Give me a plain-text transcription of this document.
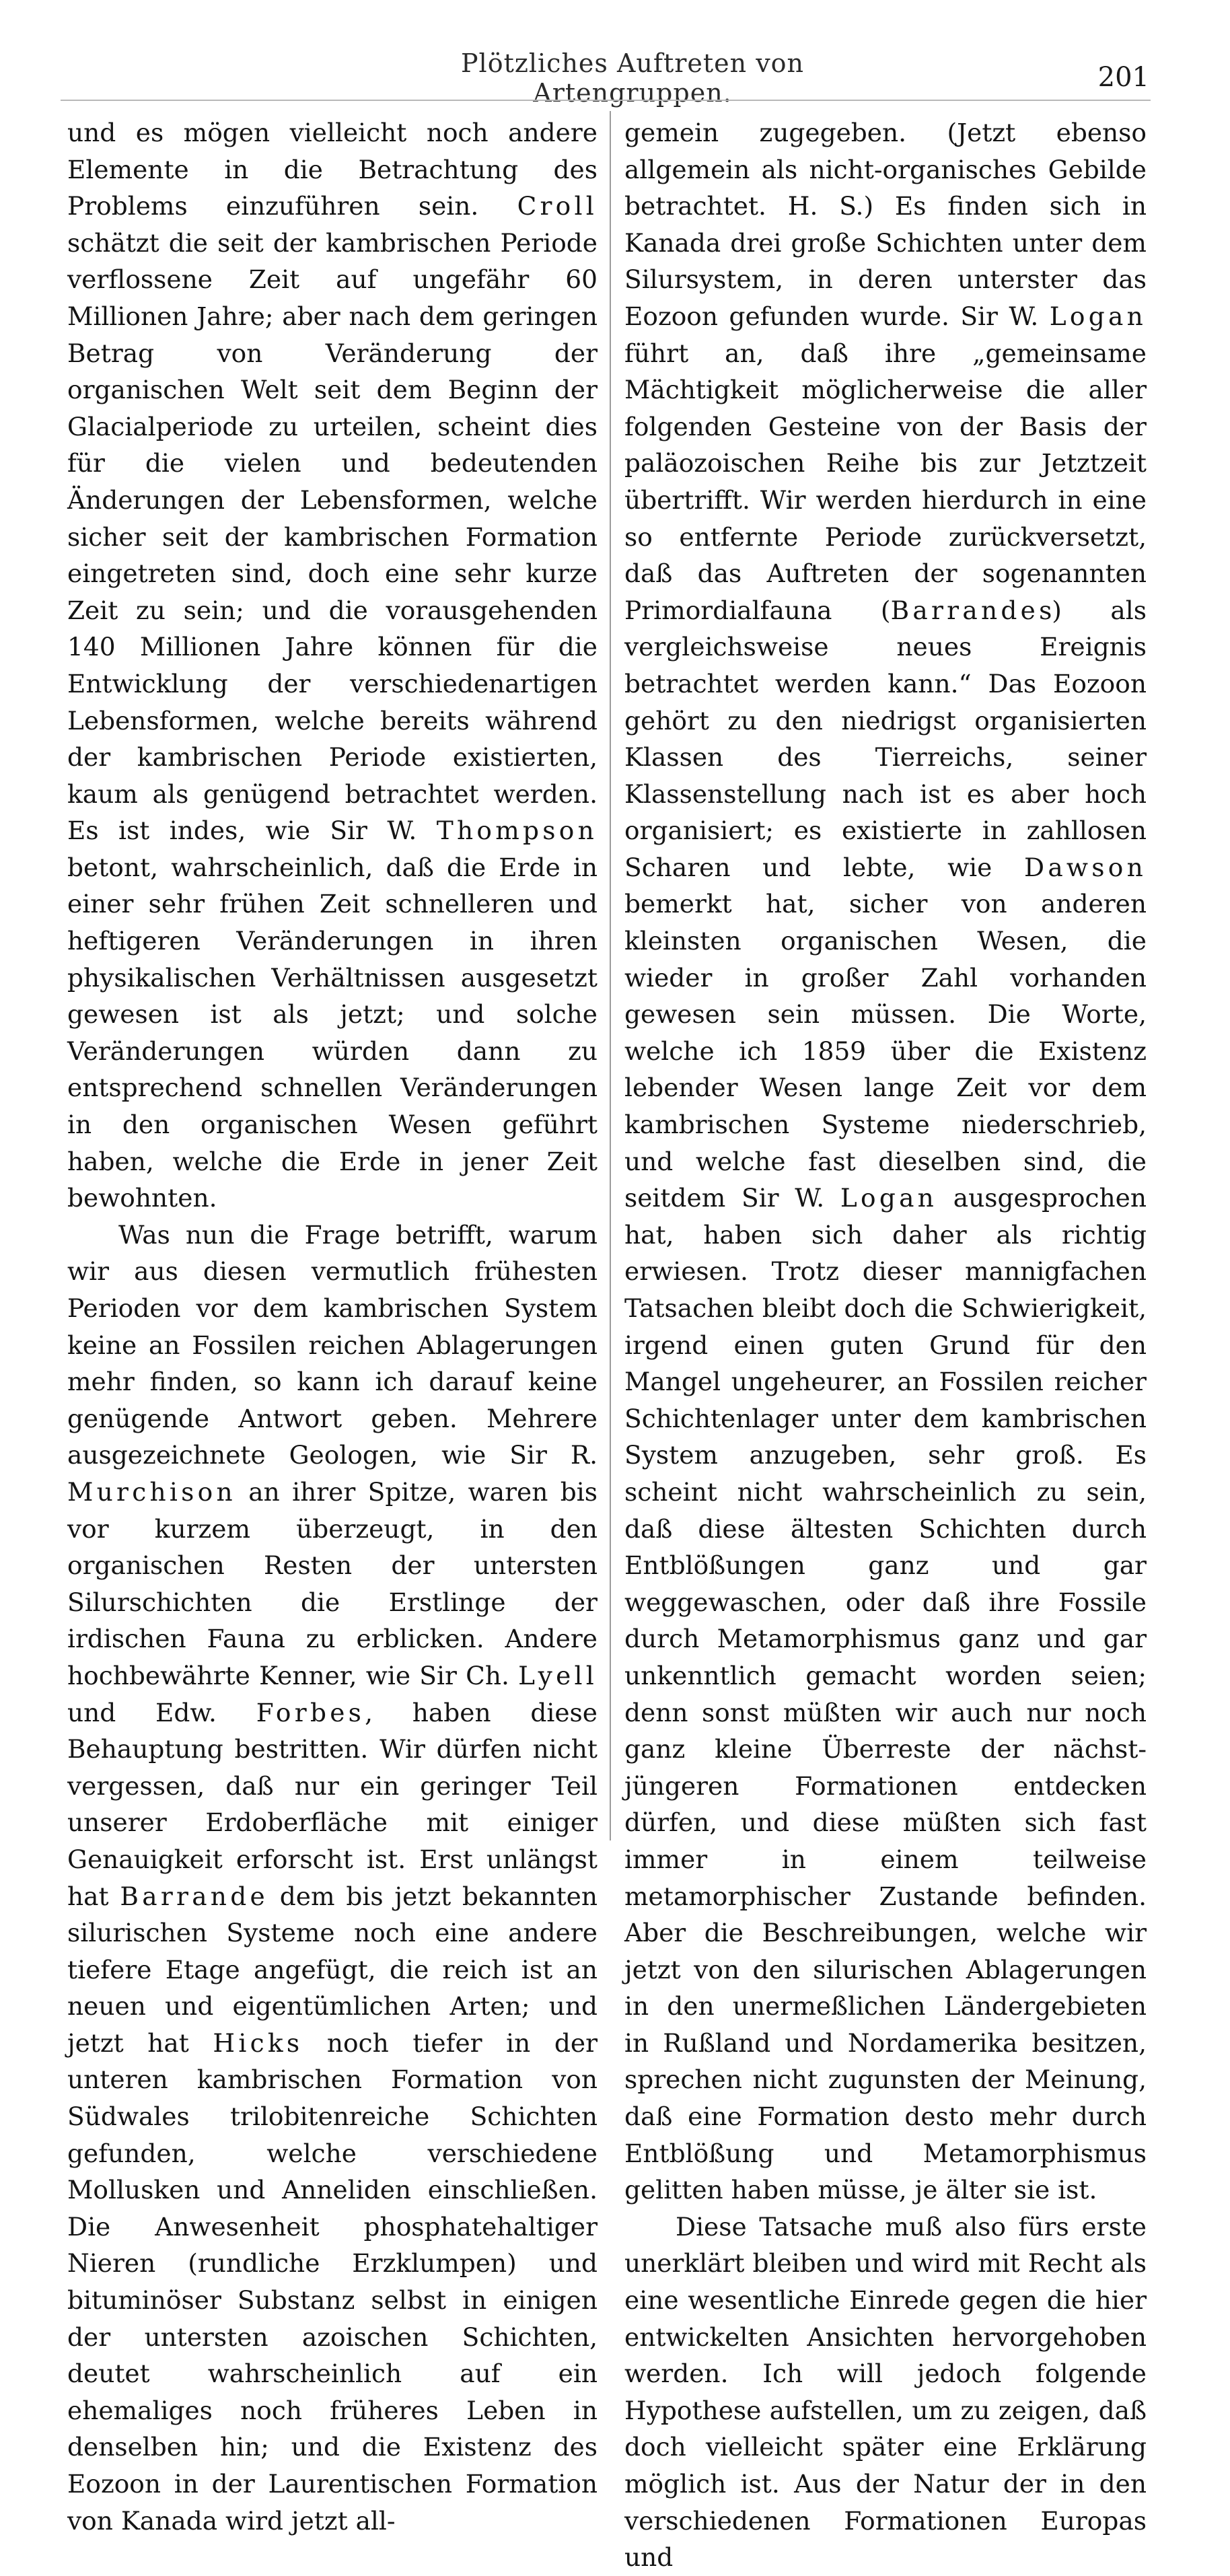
Plötzliches Auftreten von Artengruppen.	201

und es mögen vielleicht noch andere Elemente in die Betrachtung des Problems einzuführen sein. Croll schätzt die seit der kambrischen Periode verflossene Zeit auf ungefähr 60 Millionen Jahre; aber nach dem geringen Betrag von Veränderung der organischen Welt seit dem Beginn der Glacialperiode zu urteilen, scheint dies für die vielen und bedeutenden Änderungen der Lebensformen, welche sicher seit der kambrischen Formation eingetreten sind, doch eine sehr kurze Zeit zu sein; und die vorausgehenden 140 Millionen Jahre können für die Entwicklung der verschiedenartigen Lebensformen, welche bereits während der kambrischen Periode existierten, kaum als genügend betrachtet werden. Es ist indes, wie Sir W. Thompson betont, wahrscheinlich, daß die Erde in einer sehr frühen Zeit schnelleren und heftigeren Veränderungen in ihren physikalischen Verhältnissen ausgesetzt gewesen ist als jetzt; und solche Veränderungen würden dann zu entsprechend schnellen Veränderungen in den organischen Wesen geführt haben, welche die Erde in jener Zeit bewohnten.

Was nun die Frage betrifft, warum wir aus diesen vermutlich frühesten Perioden vor dem kambrischen System keine an Fossilen reichen Ablagerungen mehr finden, so kann ich darauf keine genügende Antwort geben. Mehrere ausgezeichnete Geologen, wie Sir R. Murchison an ihrer Spitze, waren bis vor kurzem überzeugt, in den organischen Resten der untersten Silurschichten die Erstlinge der irdischen Fauna zu erblicken. Andere hochbewährte Kenner, wie Sir Ch. Lyell und Edw. Forbes, haben diese Behauptung bestritten. Wir dürfen nicht vergessen, daß nur ein geringer Teil unserer Erdoberfläche mit einiger Genauigkeit erforscht ist. Erst unlängst hat Barrande dem bis jetzt bekannten silurischen Systeme noch eine andere tiefere Etage angefügt, die reich ist an neuen und eigentümlichen Arten; und jetzt hat Hicks noch tiefer in der unteren kambrischen Formation von Südwales trilobitenreiche Schichten gefunden, welche verschiedene Mollusken und Anneliden einschließen. Die Anwesenheit phosphatehaltiger Nieren (rundliche Erzklumpen) und bituminöser Substanz selbst in einigen der untersten azoischen Schichten, deutet wahrscheinlich auf ein ehemaliges noch früheres Leben in denselben hin; und die Existenz des Eozoon in der Laurentischen Formation von Kanada wird jetzt all-

gemein zugegeben. (Jetzt ebenso allgemein als nicht-organisches Gebilde betrachtet. H. S.) Es finden sich in Kanada drei große Schichten unter dem Silursystem, in deren unterster das Eozoon gefunden wurde. Sir W. Logan führt an, daß ihre „gemeinsame Mächtigkeit möglicherweise die aller folgenden Gesteine von der Basis der paläozoischen Reihe bis zur Jetztzeit übertrifft. Wir werden hierdurch in eine so entfernte Periode zurückversetzt, daß das Auftreten der sogenannten Primordialfauna (Barrandes) als vergleichsweise neues Ereignis betrachtet werden kann.“ Das Eozoon gehört zu den niedrigst organisierten Klassen des Tierreichs, seiner Klassenstellung nach ist es aber hoch organisiert; es existierte in zahllosen Scharen und lebte, wie Dawson bemerkt hat, sicher von anderen kleinsten organischen Wesen, die wieder in großer Zahl vorhanden gewesen sein müssen. Die Worte, welche ich 1859 über die Existenz lebender Wesen lange Zeit vor dem kambrischen Systeme niederschrieb, und welche fast dieselben sind, die seitdem Sir W. Logan ausgesprochen hat, haben sich daher als richtig erwiesen. Trotz dieser mannigfachen Tatsachen bleibt doch die Schwierigkeit, irgend einen guten Grund für den Mangel ungeheurer, an Fossilen reicher Schichtenlager unter dem kambrischen System anzugeben, sehr groß. Es scheint nicht wahrscheinlich zu sein, daß diese ältesten Schichten durch Entblößungen ganz und gar weggewaschen, oder daß ihre Fossile durch Metamorphismus ganz und gar unkenntlich gemacht worden seien; denn sonst müßten wir auch nur noch ganz kleine Überreste der nächst-jüngeren Formationen entdecken dürfen, und diese müßten sich fast immer in einem teilweise metamorphischer Zustande befinden. Aber die Beschreibungen, welche wir jetzt von den silurischen Ablagerungen in den unermeßlichen Ländergebieten in Rußland und Nordamerika besitzen, sprechen nicht zugunsten der Meinung, daß eine Formation desto mehr durch Entblößung und Metamorphismus gelitten haben müsse, je älter sie ist.

Diese Tatsache muß also fürs erste unerklärt bleiben und wird mit Recht als eine wesentliche Einrede gegen die hier entwickelten Ansichten hervorgehoben werden. Ich will jedoch folgende Hypothese aufstellen, um zu zeigen, daß doch vielleicht später eine Erklärung möglich ist. Aus der Natur der in den verschiedenen Formationen Europas und
